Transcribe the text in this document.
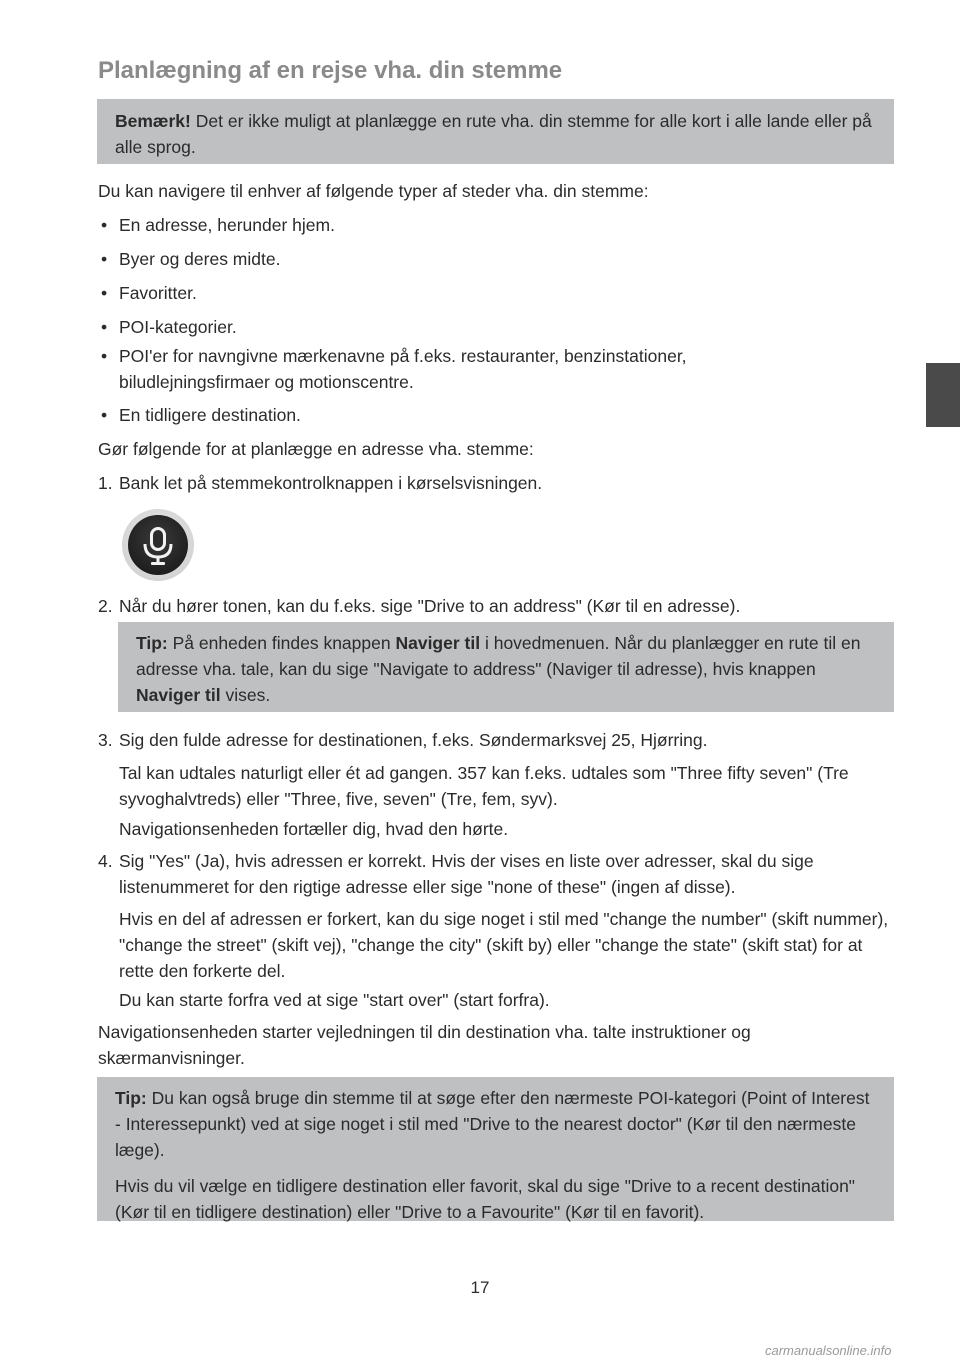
Planlægning af en rejse vha. din stemme

Bemærk! Det er ikke muligt at planlægge en rute vha. din stemme for alle kort i alle lande eller på alle sprog.

Du kan navigere til enhver af følgende typer af steder vha. din stemme:

• En adresse, herunder hjem.
• Byer og deres midte.
• Favoritter.
• POI-kategorier.
• POI'er for navngivne mærkenavne på f.eks. restauranter, benzinstationer, biludlejningsfirmaer og motionscentre.
• En tidligere destination.

Gør følgende for at planlægge en adresse vha. stemme:

1. Bank let på stemmekontrolknappen i kørselsvisningen.
2. Når du hører tonen, kan du f.eks. sige "Drive to an address" (Kør til en adresse).

Tip: På enheden findes knappen Naviger til i hovedmenuen. Når du planlægger en rute til en adresse vha. tale, kan du sige "Navigate to address" (Naviger til adresse), hvis knappen Naviger til vises.

3. Sig den fulde adresse for destinationen, f.eks. Søndermarksvej 25, Hjørring.

Tal kan udtales naturligt eller ét ad gangen. 357 kan f.eks. udtales som "Three fifty seven" (Tre syvoghalvtreds) eller "Three, five, seven" (Tre, fem, syv).

Navigationsenheden fortæller dig, hvad den hørte.

4. Sig "Yes" (Ja), hvis adressen er korrekt. Hvis der vises en liste over adresser, skal du sige listenummeret for den rigtige adresse eller sige "none of these" (ingen af disse).

Hvis en del af adressen er forkert, kan du sige noget i stil med "change the number" (skift nummer), "change the street" (skift vej), "change the city" (skift by) eller "change the state" (skift stat) for at rette den forkerte del.

Du kan starte forfra ved at sige "start over" (start forfra).

Navigationsenheden starter vejledningen til din destination vha. talte instruktioner og skærmanvisninger.

Tip: Du kan også bruge din stemme til at søge efter den nærmeste POI-kategori (Point of Interest - Interessepunkt) ved at sige noget i stil med "Drive to the nearest doctor" (Kør til den nærmeste læge).

Hvis du vil vælge en tidligere destination eller favorit, skal du sige "Drive to a recent destination" (Kør til en tidligere destination) eller "Drive to a Favourite" (Kør til en favorit).

17
carmanualsonline.info
